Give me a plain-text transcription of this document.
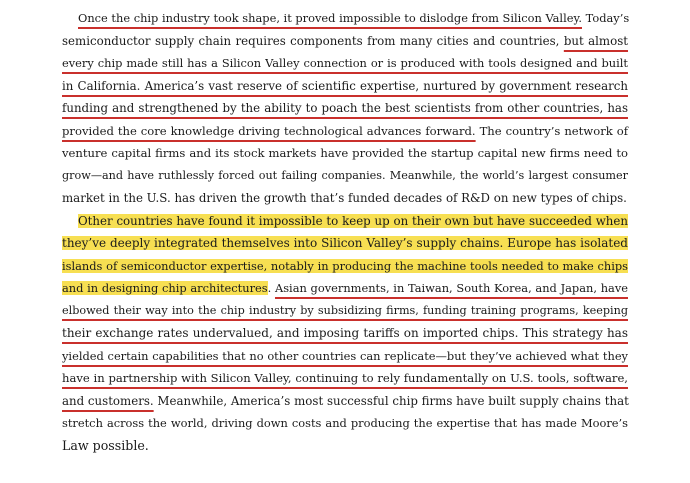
Once the chip industry took shape, it proved impossible to dislodge from Silicon Valley. Today’s
semiconductor supply chain requires components from many cities and countries, but almost
every chip made still has a Silicon Valley connection or is produced with tools designed and built
in California. America’s vast reserve of scientific expertise, nurtured by government research
funding and strengthened by the ability to poach the best scientists from other countries, has
provided the core knowledge driving technological advances forward. The country’s network of
venture capital firms and its stock markets have provided the startup capital new firms need to
grow—and have ruthlessly forced out failing companies. Meanwhile, the world’s largest consumer
market in the U.S. has driven the growth that’s funded decades of R&D on new types of chips.
Other countries have found it impossible to keep up on their own but have succeeded when
they’ve deeply integrated themselves into Silicon Valley’s supply chains. Europe has isolated
islands of semiconductor expertise, notably in producing the machine tools needed to make chips
and in designing chip architectures. Asian governments, in Taiwan, South Korea, and Japan, have
elbowed their way into the chip industry by subsidizing firms, funding training programs, keeping
their exchange rates undervalued, and imposing tariffs on imported chips. This strategy has
yielded certain capabilities that no other countries can replicate—but they’ve achieved what they
have in partnership with Silicon Valley, continuing to rely fundamentally on U.S. tools, software,
and customers. Meanwhile, America’s most successful chip firms have built supply chains that
stretch across the world, driving down costs and producing the expertise that has made Moore’s
Law possible.
